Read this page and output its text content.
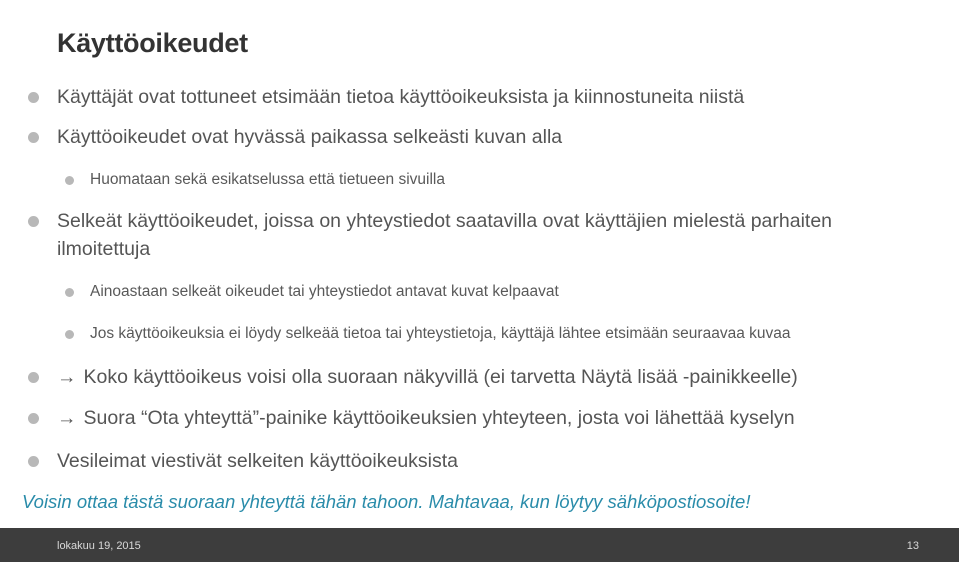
Käyttöoikeudet
Käyttäjät ovat tottuneet etsimään tietoa käyttöoikeuksista ja kiinnostuneita niistä
Käyttöoikeudet ovat hyvässä paikassa selkeästi kuvan alla
Huomataan sekä esikatselussa että tietueen sivuilla
Selkeät käyttöoikeudet, joissa on yhteystiedot saatavilla ovat käyttäjien mielestä parhaiten ilmoitettuja
Ainoastaan selkeät oikeudet tai yhteystiedot antavat kuvat kelpaavat
Jos käyttöoikeuksia ei löydy selkeää tietoa tai yhteystietoja, käyttäjä lähtee etsimään seuraavaa kuvaa
→ Koko käyttöoikeus voisi olla suoraan näkyvillä (ei tarvetta Näytä lisää -painikkeelle)
→ Suora “Ota yhteyttä”-painike käyttöoikeuksien yhteyteen, josta voi lähettää kyselyn
Vesileimat viestivät selkeiten käyttöoikeuksista
Voisin ottaa tästä suoraan yhteyttä tähän tahoon. Mahtavaa, kun löytyy sähköpostiosoite!
lokakuu 19, 2015	13
